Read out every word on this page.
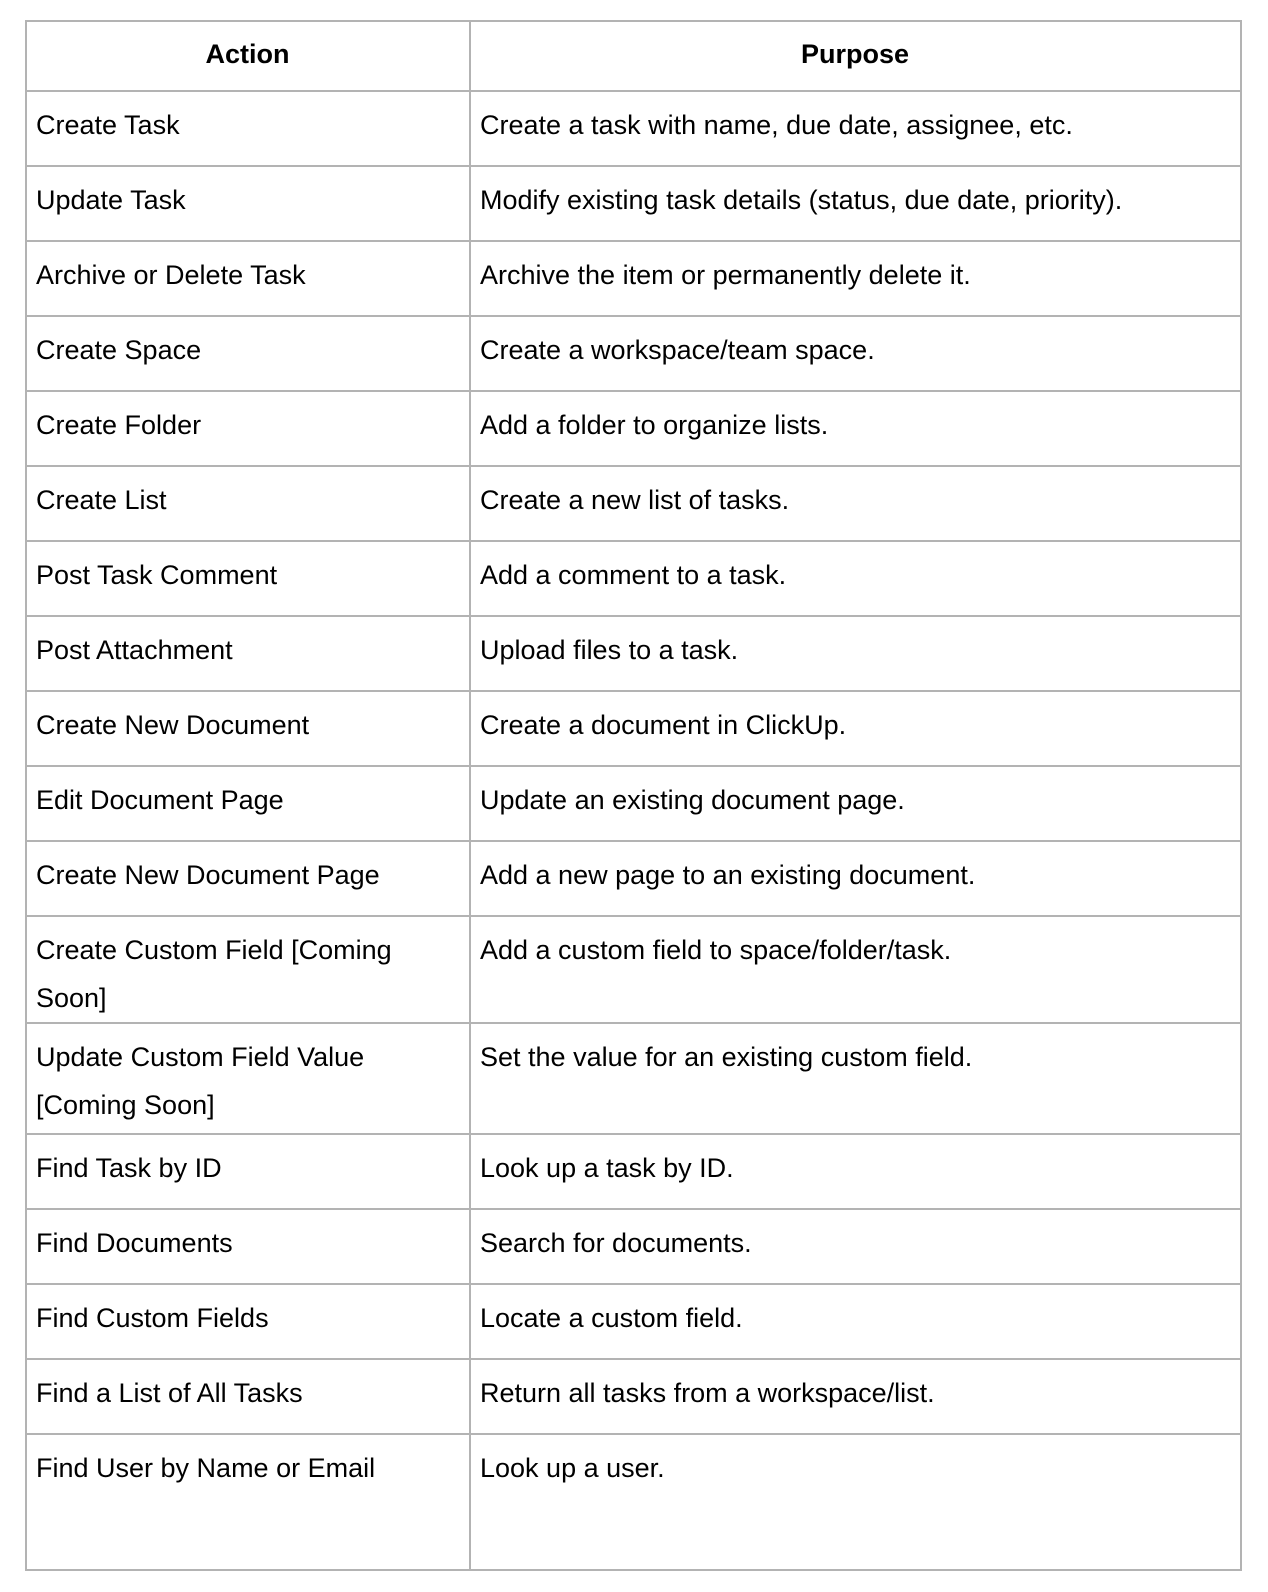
Action	Purpose

Create Task	Create a task with name, due date, assignee, etc.

Update Task	Modify existing task details (status, due date, priority).

Archive or Delete Task	Archive the item or permanently delete it.

Create Space	Create a workspace/team space.

Create Folder	Add a folder to organize lists.

Create List	Create a new list of tasks.

Post Task Comment	Add a comment to a task.

Post Attachment	Upload files to a task.

Create New Document	Create a document in ClickUp.

Edit Document Page	Update an existing document page.

Create New Document Page	Add a new page to an existing document.

Create Custom Field [Coming Soon]	Add a custom field to space/folder/task.

Update Custom Field Value [Coming Soon]	Set the value for an existing custom field.

Find Task by ID	Look up a task by ID.

Find Documents	Search for documents.

Find Custom Fields	Locate a custom field.

Find a List of All Tasks	Return all tasks from a workspace/list.

Find User by Name or Email	Look up a user.
